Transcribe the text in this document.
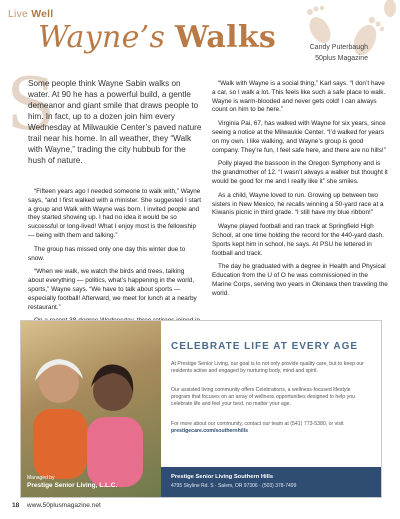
Live Well
Wayne’s Walks	Candy Puterbaugh
50plus Magazine
S
Some people think Wayne Sabin walks on water. At 90 he has a powerful build, a gentle demeanor and giant smile that draws people to him. In fact, up to a dozen join him every Wednesday at Milwaukie Center’s paved nature trail near his home. In all weather, they “Walk with Wayne,” trading the city hubbub for the hush of nature.

“Fifteen years ago I needed someone to walk with,” Wayne says, “and I first walked with a minister. She suggested I start a group and Walk with Wayne was born. I invited people and they started showing up. I had no idea it would be so successful or long-lived! What I enjoy most is the fellowship — being with them and talking.”

The group has missed only one day this winter due to snow.

“When we walk, we watch the birds and trees, talking about everything — politics, what’s happening in the world, sports,” Wayne says. “We have to talk about sports — especially football! Afterward, we meet for lunch at a nearby restaurant.”

“Walk with Wayne is a social thing,” Karl says. “I don’t have a car, so I walk a lot. This feels like such a safe place to walk. Wayne is warm-blooded and never gets cold! I can always count on him to be here.”

Virginia Pai, 67, has walked with Wayne for six years, since seeing a notice at the Milwaukie Center. “I’d walked for years on my own. I like walking, and Wayne’s group is good company. They’re fun, I feel safe here, and there are no hills!”

Polly played the bassoon in the Oregon Symphony and is the grandmother of 12. “I wasn’t always a walker but thought it would be good for me and I really like it” she smiles.

As a child, Wayne loved to run. Growing up between two sisters in New Mexico, he recalls winning a 50-yard race at a Kiwanis picnic in third grade. “I still have my blue ribbon!”

Wayne played football and ran track at Springfield High School, at one time holding the record for the 440-yard dash. Sports kept him in school, he says. At PSU he lettered in football and track.

The day he graduated with a degree in Health and Physical Education from the U of O he was commissioned in the Marine Corps, serving two years in Okinawa then traveling the world.

Managed by
Prestige Senior Living, L.L.C.
CELEBRATE LIFE AT EVERY AGE
At Prestige Senior Living, our goal is to not only provide quality care, but to keep our residents active and engaged by nurturing body, mind and spirit.
Our assisted living community offers Celebrations, a wellness-focused lifestyle program that focuses on an array of wellness opportunities designed to help you celebrate life and feel your best, no matter your age.
For more about our community, contact our team at (541) 773-5380, or visit prestigecare.com/southernhills
Prestige Senior Living Southern Hills
4795 Skyline Rd. S · Salem, OR 97306 · (503) 378-7499
18 www.50plusmagazine.net
